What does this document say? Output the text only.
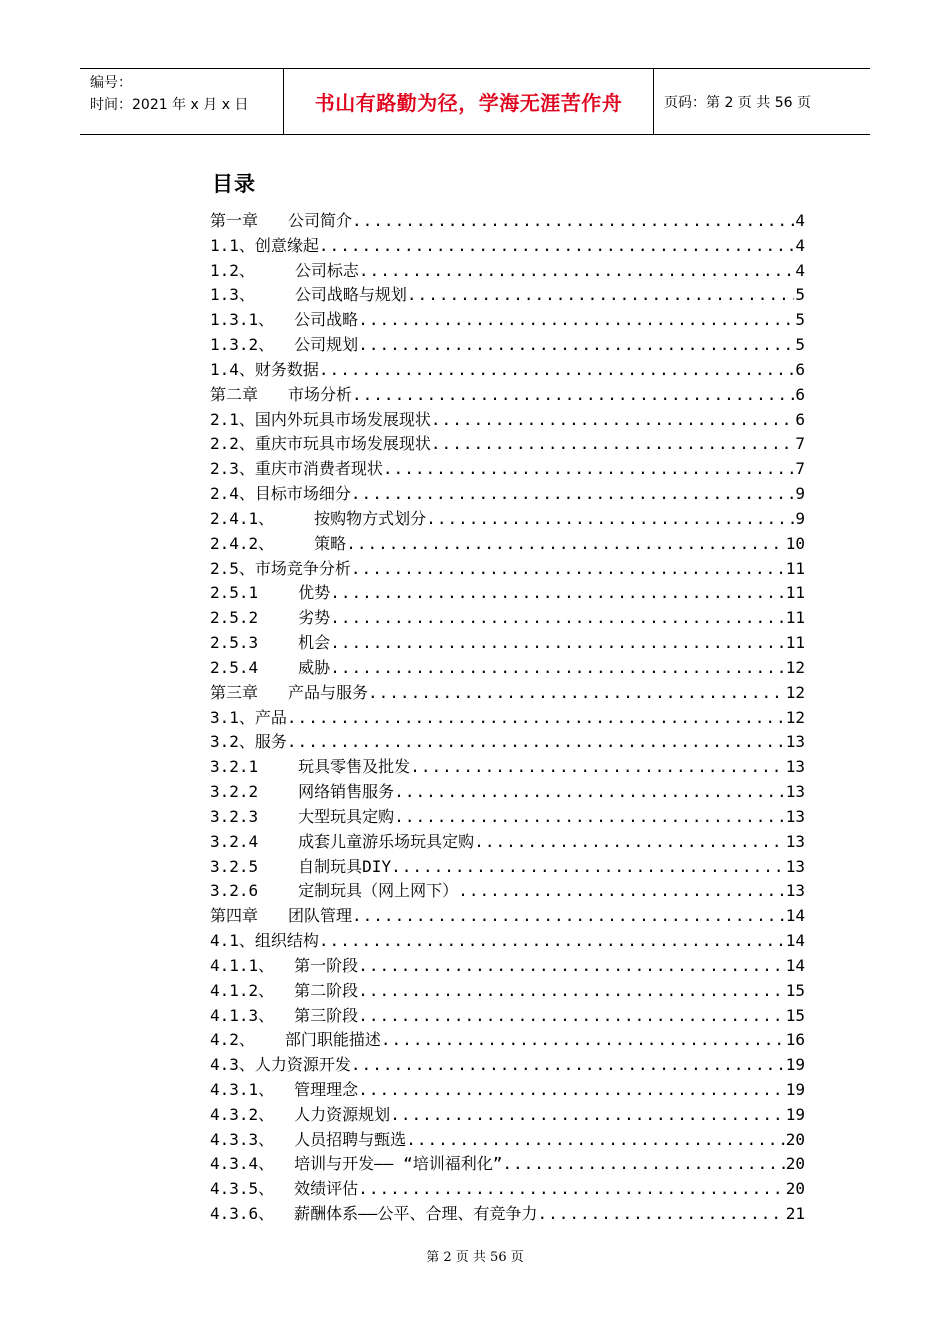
编号：
时间：2021 年 x 月 x 日	书山有路勤为径，学海无涯苦作舟	页码：第 2 页 共 56 页
目录
第一章	公司简介 .....	4
1.1、 创意缘起 .....	4
1.2、	公司标志 .....	4
1.3、	公司战略与规划 .....	5
1.3.1、	公司战略 .....	5
1.3.2、	公司规划 .....	5
1.4、 财务数据 .....	6
第二章	市场分析 .....	6
2.1、 国内外玩具市场发展现状 .....	6
2.2、 重庆市玩具市场发展现状 .....	7
2.3、 重庆市消费者现状 .....	7
2.4、 目标市场细分 .....	9
2.4.1、	按购物方式划分 .....	9
2.4.2、	策略 .....	10
2.5、 市场竞争分析 .....	11
2.5.1	优势 .....	11
2.5.2	劣势 .....	11
2.5.3	机会 .....	11
2.5.4	威胁 .....	12
第三章	产品与服务 .....	12
3.1、 产品 .....	12
3.2、 服务 .....	13
3.2.1	玩具零售及批发 .....	13
3.2.2	网络销售服务 .....	13
3.2.3	大型玩具定购 .....	13
3.2.4	成套儿童游乐场玩具定购 .....	13
3.2.5	自制玩具DIY .....	13
3.2.6	定制玩具（网上网下） .....	13
第四章	团队管理 .....	14
4.1、 组织结构 .....	14
4.1.1、	第一阶段 .....	14
4.1.2、	第二阶段 .....	15
4.1.3、	第三阶段 .....	15
4.2、	部门职能描述 .....	16
4.3、 人力资源开发 .....	19
4.3.1、	管理理念 .....	19
4.3.2、	人力资源规划 .....	19
4.3.3、	人员招聘与甄选 .....	20
4.3.4、	培训与开发—— “培训福利化” .....	20
4.3.5、	效绩评估 .....	20
4.3.6、	薪酬体系——公平、合理、有竞争力 .....	21
第 2 页 共 56 页
